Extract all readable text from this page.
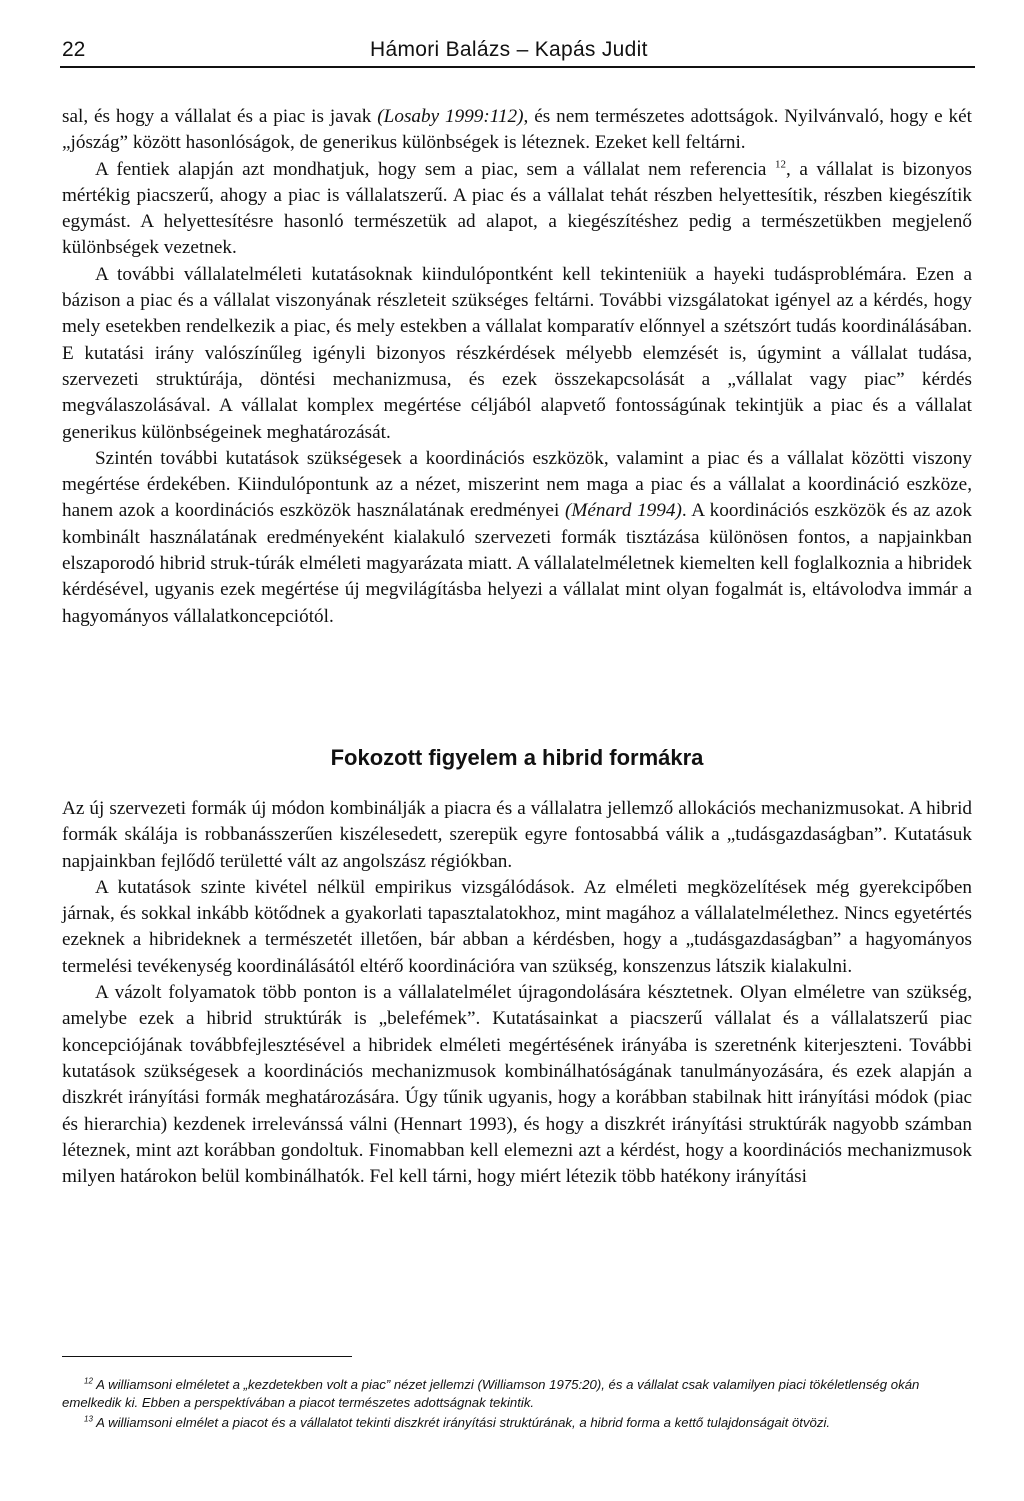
22	Hámori Balázs – Kapás Judit

sal, és hogy a vállalat és a piac is javak (Losaby 1999:112), és nem természetes adottságok. Nyilvánvaló, hogy e két „jószág” között hasonlóságok, de generikus különbségek is léteznek. Ezeket kell feltárni.

A fentiek alapján azt mondhatjuk, hogy sem a piac, sem a vállalat nem referencia $^{12}$, a vállalat is bizonyos mértékig piacszerű, ahogy a piac is vállalatszerű. A piac és a vállalat tehát részben helyettesítik, részben kiegészítik egymást. A helyettesítésre hasonló természetük ad alapot, a kiegészítéshez pedig a természetükben megjelenő különbségek vezetnek.

A további vállalatelméleti kutatásoknak kiindulópontként kell tekinteniük a hayeki tudásproblémára. Ezen a bázison a piac és a vállalat viszonyának részleteit szükséges feltárni. További vizsgálatokat igényel az a kérdés, hogy mely esetekben rendelkezik a piac, és mely estekben a vállalat komparatív előnnyel a szétszórt tudás koordinálásában. E kutatási irány valószínűleg igényli bizonyos részkérdések mélyebb elemzését is, úgymint a vállalat tudása, szervezeti struktúrája, döntési mechanizmusa, és ezek összekapcsolását a „vállalat vagy piac” kérdés megválaszolásával. A vállalat komplex megértése céljából alapvető fontosságúnak tekintjük a piac és a vállalat generikus különbségeinek meghatározását.

Szintén további kutatások szükségesek a koordinációs eszközök, valamint a piac és a vállalat közötti viszony megértése érdekében. Kiindulópontunk az a nézet, miszerint nem maga a piac és a vállalat a koordináció eszköze, hanem azok a koordinációs eszközök használatának eredményei (Ménard 1994). A koordinációs eszközök és az azok kombinált használatának eredményeként kialakuló szervezeti formák tisztázása különösen fontos, a napjainkban elszaporodó hibrid struk-túrák elméleti magyarázata miatt. A vállalatelméletnek kiemelten kell foglalkoznia a hibridek kérdésével, ugyanis ezek megértése új megvilágításba helyezi a vállalat mint olyan fogalmát is, eltávolodva immár a hagyományos vállalatkoncepciótól.

Fokozott figyelem a hibrid formákra

Az új szervezeti formák új módon kombinálják a piacra és a vállalatra jellemző allokációs mechanizmusokat. A hibrid formák skálája is robbanásszerűen kiszélesedett, szerepük egyre fontosabbá válik a „tudásgazdaságban”. Kutatásuk napjainkban fejlődő területté vált az angolszász régiókban.

A kutatások szinte kivétel nélkül empirikus vizsgálódások. Az elméleti megközelítések még gyerekcipőben járnak, és sokkal inkább kötődnek a gyakorlati tapasztalatokhoz, mint magához a vállalatelmélethez. Nincs egyetértés ezeknek a hibrideknek a természetét illetően, bár abban a kérdésben, hogy a „tudásgazdaságban” a hagyományos termelési tevékenység koordinálásától eltérő koordinációra van szükség, konszenzus látszik kialakulni.

A vázolt folyamatok több ponton is a vállalatelmélet újragondolására késztetnek. Olyan elméletre van szükség, amelybe ezek a hibrid struktúrák is „belefémek”. Kutatásainkat a piacszerű vállalat és a vállalatszerű piac koncepciójának továbbfejlesztésével a hibridek elméleti megértésének irányába is szeretnénk kiterjeszteni. További kutatások szükségesek a koordinációs mechanizmusok kombinálhatóságának tanulmányozására, és ezek alapján a diszkrét irányítási formák meghatározására. Úgy tűnik ugyanis, hogy a korábban stabilnak hitt irányítási módok (piac és hierarchia) kezdenek irrelevánssá válni (Hennart 1993), és hogy a diszkrét irányítási struktúrák nagyobb számban léteznek, mint azt korábban gondoltuk. Finomabban kell elemezni azt a kérdést, hogy a koordinációs mechanizmusok milyen határokon belül kombinálhatók. Fel kell tárni, hogy miért létezik több hatékony irányítási

$^{12}$ A williamsoni elméletet a „kezdetekben volt a piac” nézet jellemzi (Williamson 1975:20), és a vállalat csak valamilyen piaci tökéletlenség okán emelkedik ki. Ebben a perspektívában a piacot természetes adottságnak tekintik.

$^{13}$ A williamsoni elmélet a piacot és a vállalatot tekinti diszkrét irányítási struktúrának, a hibrid forma a kettő tulajdonságait ötvözi.
